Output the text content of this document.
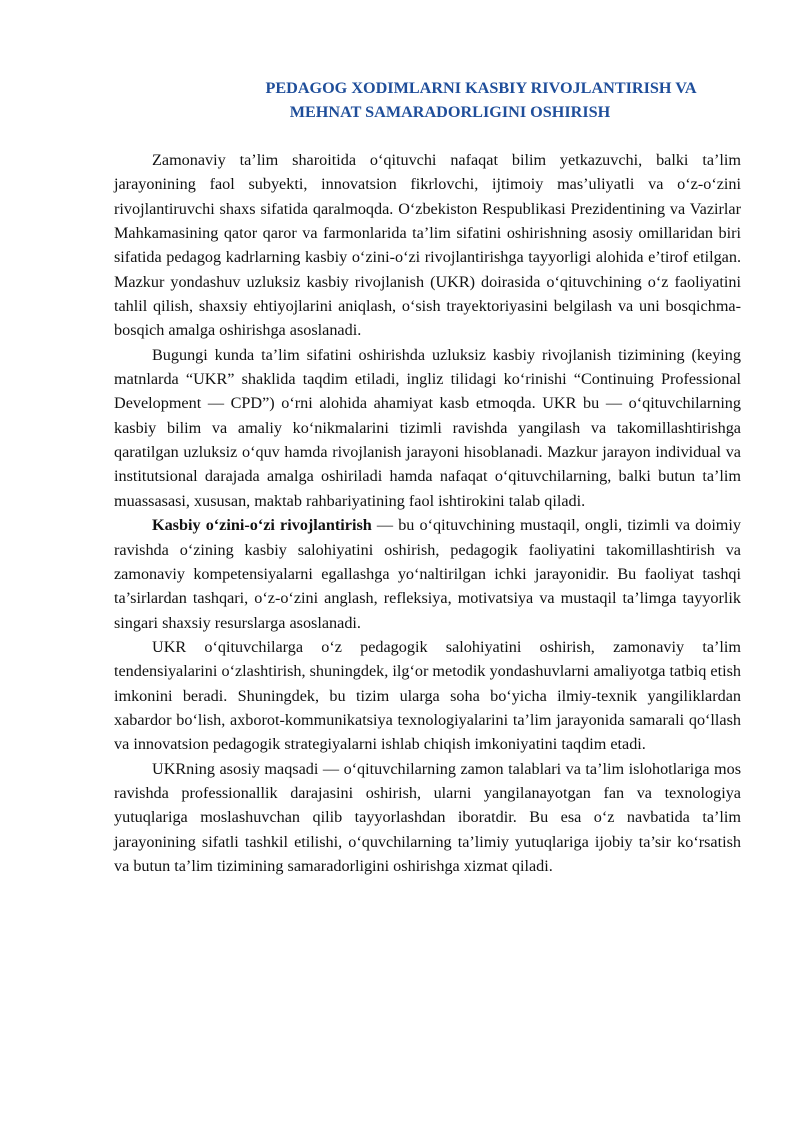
PEDAGOG XODIMLARNI KASBIY RIVOJLANTIRISH VA
MEHNAT SAMARADORLIGINI OSHIRISH

Zamonaviy ta’lim sharoitida o‘qituvchi nafaqat bilim yetkazuvchi, balki ta’lim jarayonining faol subyekti, innovatsion fikrlovchi, ijtimoiy mas’uliyatli va o‘z-o‘zini rivojlantiruvchi shaxs sifatida qaralmoqda. O‘zbekiston Respublikasi Prezidentining va Vazirlar Mahkamasining qator qaror va farmonlarida ta’lim sifatini oshirishning asosiy omillaridan biri sifatida pedagog kadrlarning kasbiy o‘zini-o‘zi rivojlantirishga tayyorligi alohida e’tirof etilgan. Mazkur yondashuv uzluksiz kasbiy rivojlanish (UKR) doirasida o‘qituvchining o‘z faoliyatini tahlil qilish, shaxsiy ehtiyojlarini aniqlash, o‘sish trayektoriyasini belgilash va uni bosqichma-bosqich amalga oshirishga asoslanadi.

Bugungi kunda ta’lim sifatini oshirishda uzluksiz kasbiy rivojlanish tizimining (keying matnlarda “UKR” shaklida taqdim etiladi, ingliz tilidagi ko‘rinishi “Continuing Professional Development — CPD”) o‘rni alohida ahamiyat kasb etmoqda. UKR bu — o‘qituvchilarning kasbiy bilim va amaliy ko‘nikmalarini tizimli ravishda yangilash va takomillashtirishga qaratilgan uzluksiz o‘quv hamda rivojlanish jarayoni hisoblanadi. Mazkur jarayon individual va institutsional darajada amalga oshiriladi hamda nafaqat o‘qituvchilarning, balki butun ta’lim muassasasi, xususan, maktab rahbariyatining faol ishtirokini talab qiladi.

Kasbiy o‘zini-o‘zi rivojlantirish — bu o‘qituvchining mustaqil, ongli, tizimli va doimiy ravishda o‘zining kasbiy salohiyatini oshirish, pedagogik faoliyatini takomillashtirish va zamonaviy kompetensiyalarni egallashga yo‘naltirilgan ichki jarayonidir. Bu faoliyat tashqi ta’sirlardan tashqari, o‘z-o‘zini anglash, refleksiya, motivatsiya va mustaqil ta’limga tayyorlik singari shaxsiy resurslarga asoslanadi.

UKR o‘qituvchilarga o‘z pedagogik salohiyatini oshirish, zamonaviy ta’lim tendensiyalarini o‘zlashtirish, shuningdek, ilg‘or metodik yondashuvlarni amaliyotga tatbiq etish imkonini beradi. Shuningdek, bu tizim ularga soha bo‘yicha ilmiy-texnik yangiliklardan xabardor bo‘lish, axborot-kommunikatsiya texnologiyalarini ta’lim jarayonida samarali qo‘llash va innovatsion pedagogik strategiyalarni ishlab chiqish imkoniyatini taqdim etadi.

UKRning asosiy maqsadi — o‘qituvchilarning zamon talablari va ta’lim islohotlariga mos ravishda professionallik darajasini oshirish, ularni yangilanayotgan fan va texnologiya yutuqlariga moslashuvchan qilib tayyorlashdan iboratdir. Bu esa o‘z navbatida ta’lim jarayonining sifatli tashkil etilishi, o‘quvchilarning ta’limiy yutuqlariga ijobiy ta’sir ko‘rsatish va butun ta’lim tizimining samaradorligini oshirishga xizmat qiladi.
